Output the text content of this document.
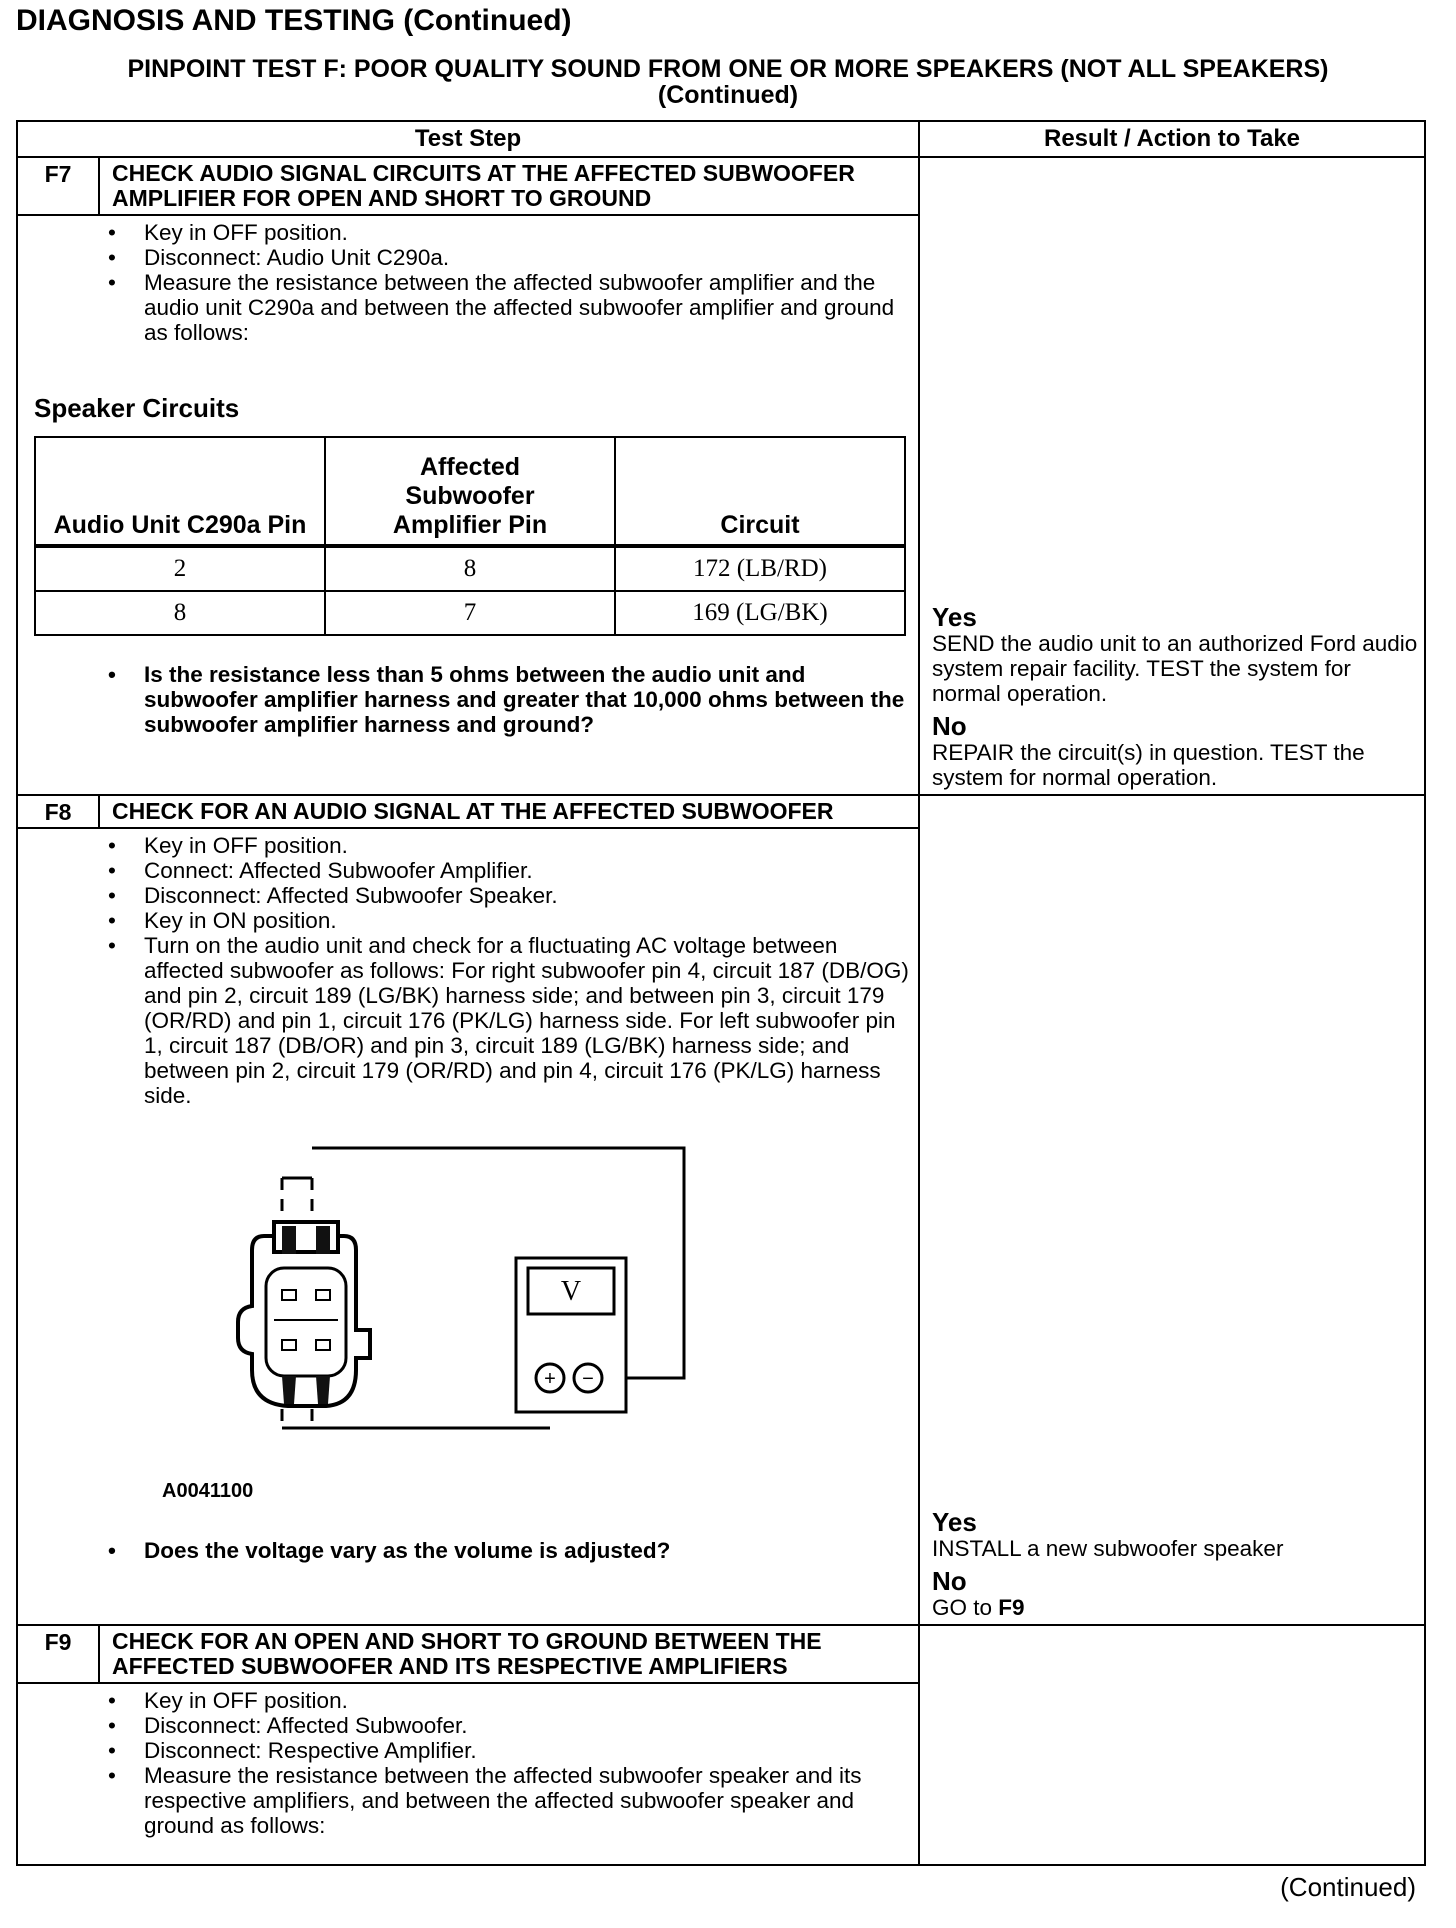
DIAGNOSIS AND TESTING (Continued)
PINPOINT TEST F: POOR QUALITY SOUND FROM ONE OR MORE SPEAKERS (NOT ALL SPEAKERS)
(Continued)
Test Step	Result / Action to Take

F7	CHECK AUDIO SIGNAL CIRCUITS AT THE AFFECTED SUBWOOFER AMPLIFIER FOR OPEN AND SHORT TO GROUND
• Key in OFF position.
• Disconnect: Audio Unit C290a.
• Measure the resistance between the affected subwoofer amplifier and the audio unit C290a and between the affected subwoofer amplifier and ground as follows:
Speaker Circuits
Audio Unit C290a Pin	Affected Subwoofer Amplifier Pin	Circuit
2	8	172 (LB/RD)
8	7	169 (LG/BK)
• Is the resistance less than 5 ohms between the audio unit and subwoofer amplifier harness and greater that 10,000 ohms between the subwoofer amplifier harness and ground?

Yes
SEND the audio unit to an authorized Ford audio system repair facility. TEST the system for normal operation.
No
REPAIR the circuit(s) in question. TEST the system for normal operation.

F8	CHECK FOR AN AUDIO SIGNAL AT THE AFFECTED SUBWOOFER
• Key in OFF position.
• Connect: Affected Subwoofer Amplifier.
• Disconnect: Affected Subwoofer Speaker.
• Key in ON position.
• Turn on the audio unit and check for a fluctuating AC voltage between affected subwoofer as follows: For right subwoofer pin 4, circuit 187 (DB/OG) and pin 2, circuit 189 (LG/BK) harness side; and between pin 3, circuit 179 (OR/RD) and pin 1, circuit 176 (PK/LG) harness side. For left subwoofer pin 1, circuit 187 (DB/OR) and pin 3, circuit 189 (LG/BK) harness side; and between pin 2, circuit 179 (OR/RD) and pin 4, circuit 176 (PK/LG) harness side.
V
+ −
A0041100
• Does the voltage vary as the volume is adjusted?

Yes
INSTALL a new subwoofer speaker
No
GO to F9

F9	CHECK FOR AN OPEN AND SHORT TO GROUND BETWEEN THE AFFECTED SUBWOOFER AND ITS RESPECTIVE AMPLIFIERS
• Key in OFF position.
• Disconnect: Affected Subwoofer.
• Disconnect: Respective Amplifier.
• Measure the resistance between the affected subwoofer speaker and its respective amplifiers, and between the affected subwoofer speaker and ground as follows:

(Continued)
